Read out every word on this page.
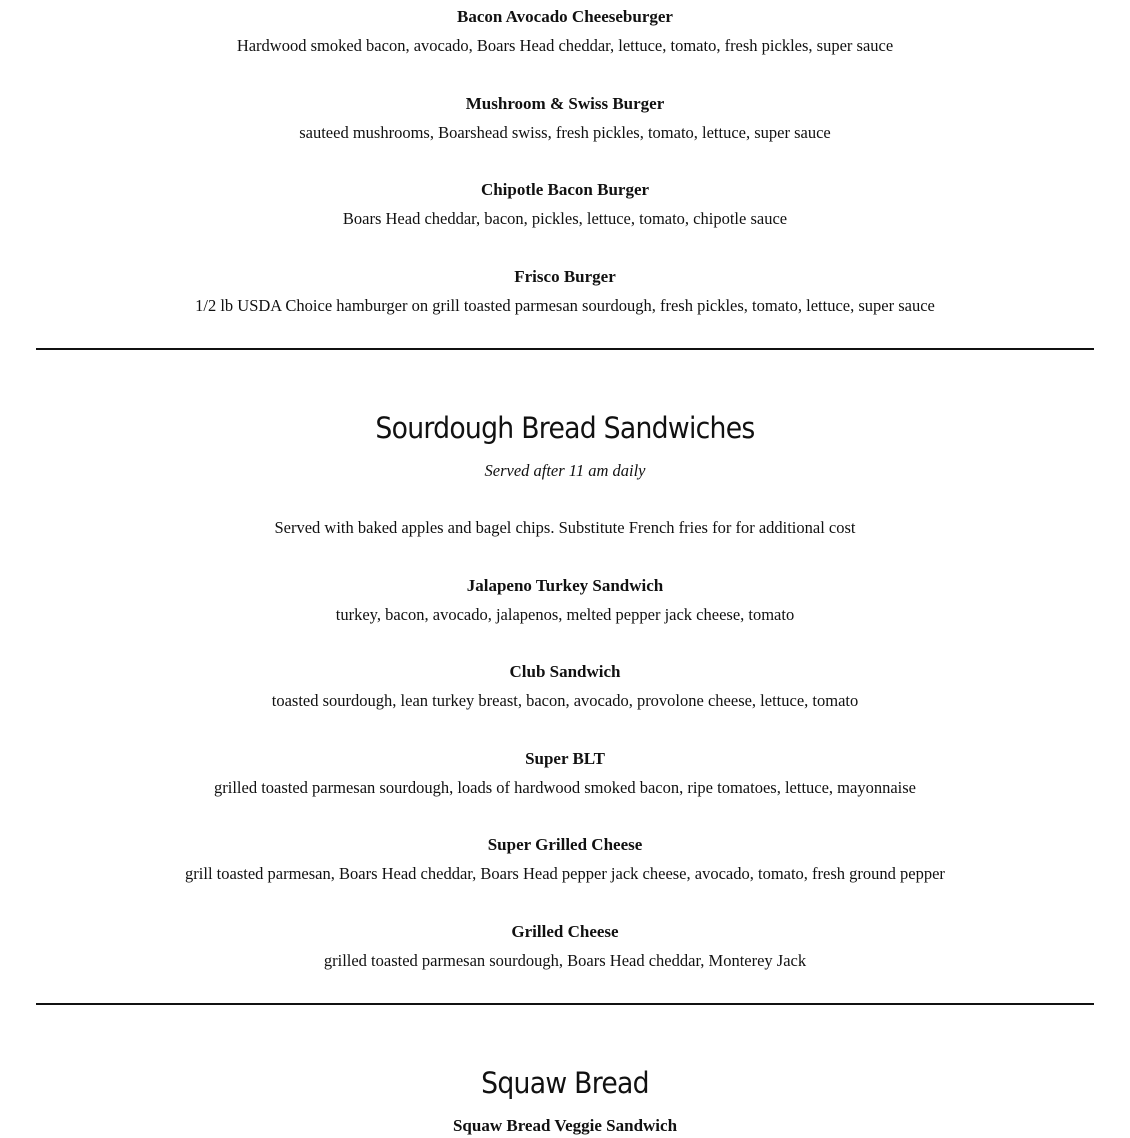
Bacon Avocado Cheeseburger
Hardwood smoked bacon, avocado, Boars Head cheddar, lettuce, tomato, fresh pickles, super sauce
Mushroom & Swiss Burger
sauteed mushrooms, Boarshead swiss, fresh pickles, tomato, lettuce, super sauce
Chipotle Bacon Burger
Boars Head cheddar, bacon, pickles, lettuce, tomato, chipotle sauce
Frisco Burger
1/2 lb USDA Choice hamburger on grill toasted parmesan sourdough, fresh pickles, tomato, lettuce, super sauce
Sourdough Bread Sandwiches
Served after 11 am daily
Served with baked apples and bagel chips. Substitute French fries for for additional cost
Jalapeno Turkey Sandwich
turkey, bacon, avocado, jalapenos, melted pepper jack cheese, tomato
Club Sandwich
toasted sourdough, lean turkey breast, bacon, avocado, provolone cheese, lettuce, tomato
Super BLT
grilled toasted parmesan sourdough, loads of hardwood smoked bacon, ripe tomatoes, lettuce, mayonnaise
Super Grilled Cheese
grill toasted parmesan, Boars Head cheddar, Boars Head pepper jack cheese, avocado, tomato, fresh ground pepper
Grilled Cheese
grilled toasted parmesan sourdough, Boars Head cheddar, Monterey Jack
Squaw Bread
Squaw Bread Veggie Sandwich
